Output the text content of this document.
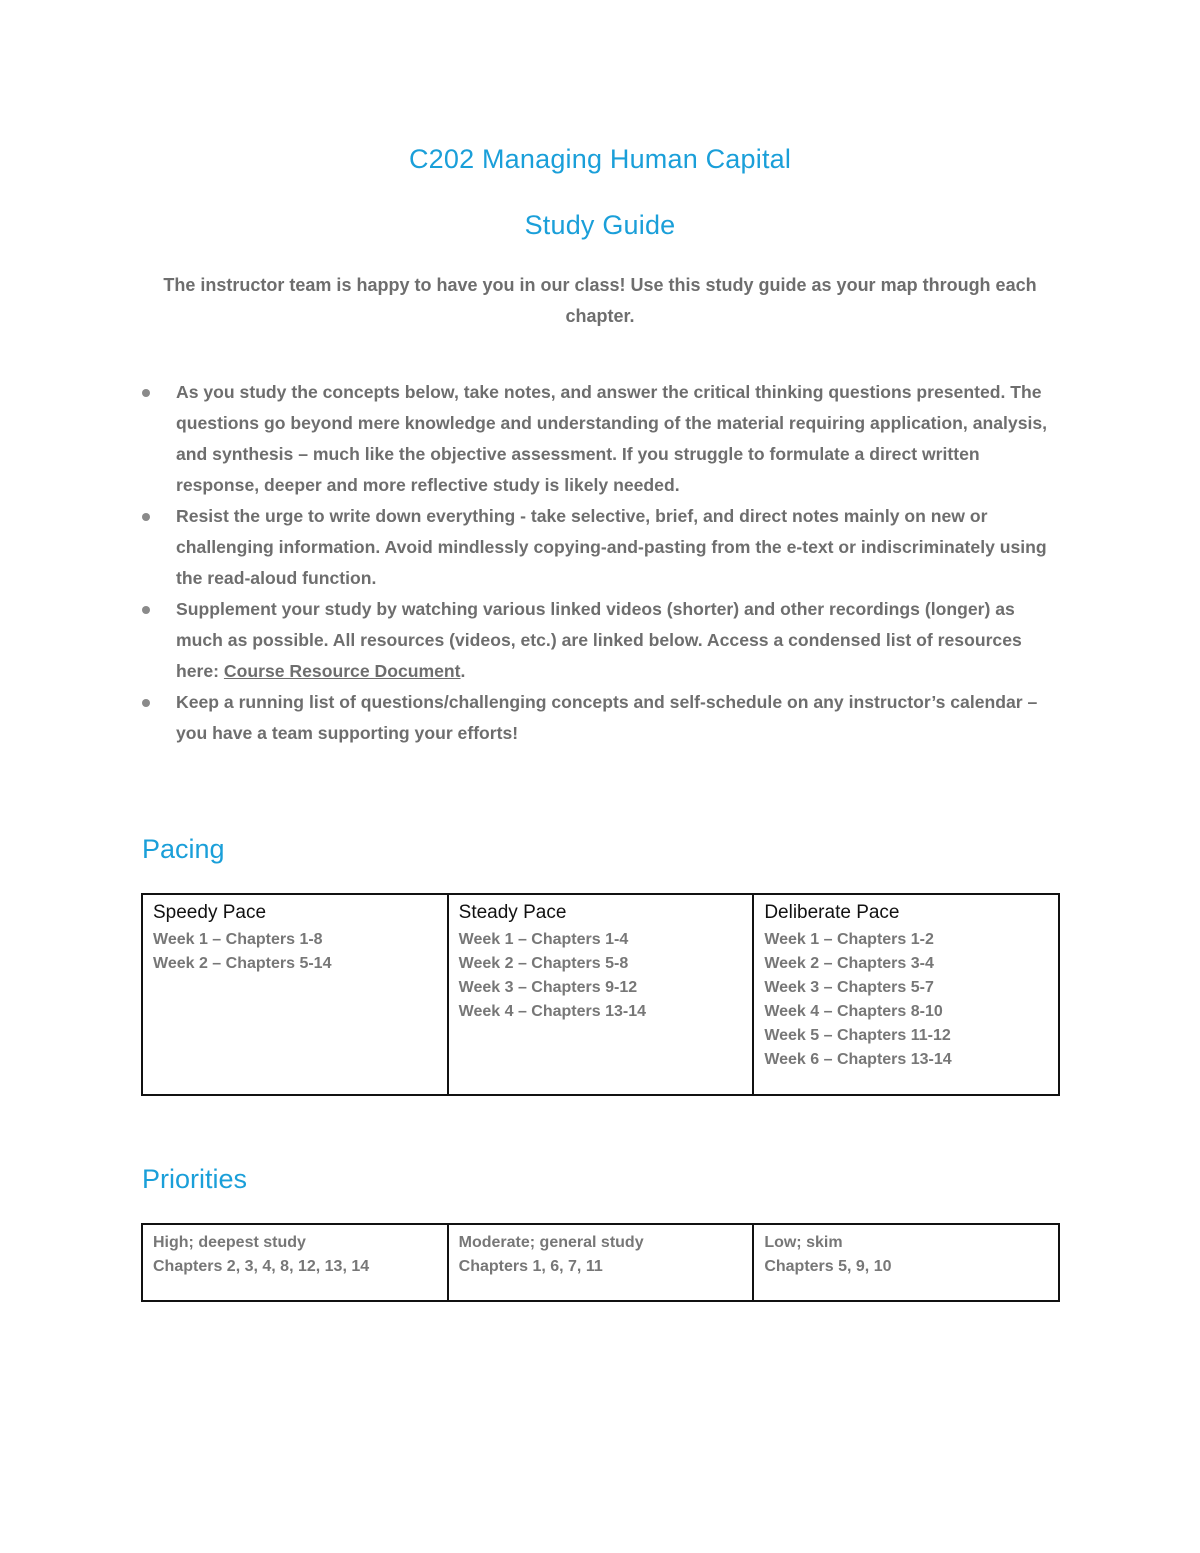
C202 Managing Human Capital
Study Guide
The instructor team is happy to have you in our class! Use this study guide as your map through each chapter.
As you study the concepts below, take notes, and answer the critical thinking questions presented. The questions go beyond mere knowledge and understanding of the material requiring application, analysis, and synthesis – much like the objective assessment. If you struggle to formulate a direct written response, deeper and more reflective study is likely needed.
Resist the urge to write down everything - take selective, brief, and direct notes mainly on new or challenging information. Avoid mindlessly copying-and-pasting from the e-text or indiscriminately using the read-aloud function.
Supplement your study by watching various linked videos (shorter) and other recordings (longer) as much as possible. All resources (videos, etc.) are linked below. Access a condensed list of resources here: Course Resource Document.
Keep a running list of questions/challenging concepts and self-schedule on any instructor’s calendar – you have a team supporting your efforts!
Pacing
Speedy Pace
Week 1 – Chapters 1-8
Week 2 – Chapters 5-14

Steady Pace
Week 1 – Chapters 1-4
Week 2 – Chapters 5-8
Week 3 – Chapters 9-12
Week 4 – Chapters 13-14

Deliberate Pace
Week 1 – Chapters 1-2
Week 2 – Chapters 3-4
Week 3 – Chapters 5-7
Week 4 – Chapters 8-10
Week 5 – Chapters 11-12
Week 6 – Chapters 13-14
Priorities
High; deepest study
Chapters 2, 3, 4, 8, 12, 13, 14

Moderate; general study
Chapters 1, 6, 7, 11

Low; skim
Chapters 5, 9, 10
